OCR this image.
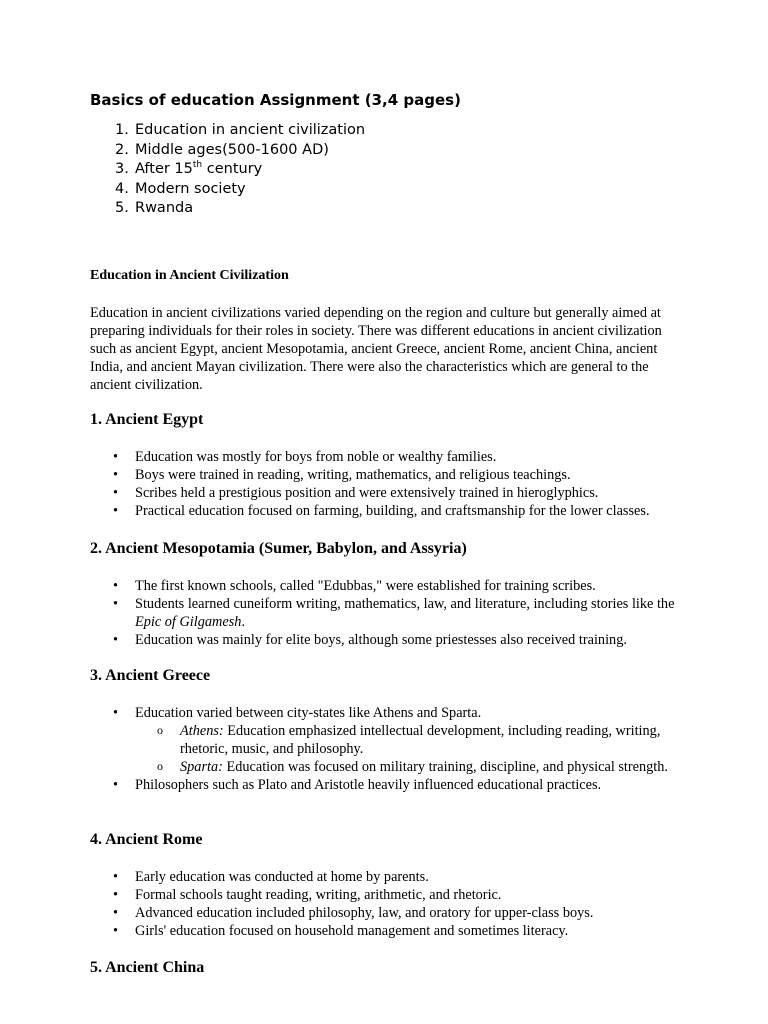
Basics of education Assignment (3,4 pages)
1. Education in ancient civilization
2. Middle ages(500-1600 AD)
3. After 15th century
4. Modern society
5. Rwanda
Education in Ancient Civilization

Education in ancient civilizations varied depending on the region and culture but generally aimed at preparing individuals for their roles in society. There was different educations in ancient civilization such as ancient Egypt, ancient Mesopotamia, ancient Greece, ancient Rome, ancient China, ancient India, and ancient Mayan civilization. There were also the characteristics which are general to the ancient civilization.

1. Ancient Egypt
• Education was mostly for boys from noble or wealthy families.
• Boys were trained in reading, writing, mathematics, and religious teachings.
• Scribes held a prestigious position and were extensively trained in hieroglyphics.
• Practical education focused on farming, building, and craftsmanship for the lower classes.
2. Ancient Mesopotamia (Sumer, Babylon, and Assyria)
• The first known schools, called "Edubbas," were established for training scribes.
• Students learned cuneiform writing, mathematics, law, and literature, including stories like the Epic of Gilgamesh.
• Education was mainly for elite boys, although some priestesses also received training.
3. Ancient Greece
• Education varied between city-states like Athens and Sparta.
o Athens: Education emphasized intellectual development, including reading, writing, rhetoric, music, and philosophy.
o Sparta: Education was focused on military training, discipline, and physical strength.
• Philosophers such as Plato and Aristotle heavily influenced educational practices.
4. Ancient Rome
• Early education was conducted at home by parents.
• Formal schools taught reading, writing, arithmetic, and rhetoric.
• Advanced education included philosophy, law, and oratory for upper-class boys.
• Girls' education focused on household management and sometimes literacy.
5. Ancient China
